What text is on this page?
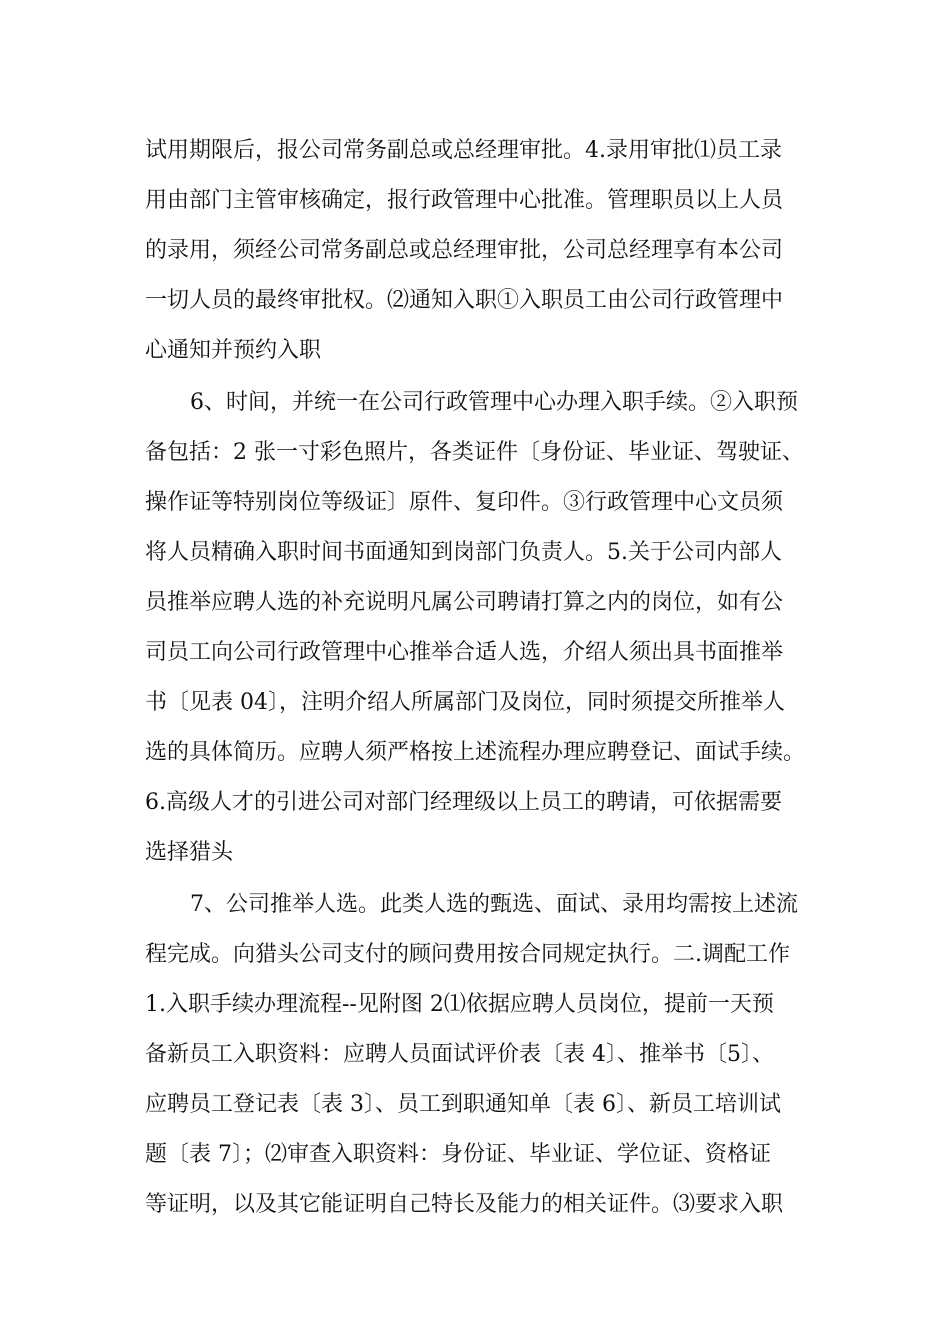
试用期限后，报公司常务副总或总经理审批。4.录用审批⑴员工录
用由部门主管审核确定，报行政管理中心批准。管理职员以上人员
的录用，须经公司常务副总或总经理审批，公司总经理享有本公司
一切人员的最终审批权。⑵通知入职①入职员工由公司行政管理中
心通知并预约入职
6、时间，并统一在公司行政管理中心办理入职手续。②入职预
备包括：2 张一寸彩色照片，各类证件〔身份证、毕业证、驾驶证、
操作证等特别岗位等级证〕原件、复印件。③行政管理中心文员须
将人员精确入职时间书面通知到岗部门负责人。5.关于公司内部人
员推举应聘人选的补充说明凡属公司聘请打算之内的岗位，如有公
司员工向公司行政管理中心推举合适人选，介绍人须出具书面推举
书〔见表 04〕，注明介绍人所属部门及岗位，同时须提交所推举人
选的具体简历。应聘人须严格按上述流程办理应聘登记、面试手续。
6.高级人才的引进公司对部门经理级以上员工的聘请，可依据需要
选择猎头
7、公司推举人选。此类人选的甄选、面试、录用均需按上述流
程完成。向猎头公司支付的顾问费用按合同规定执行。二.调配工作
1.入职手续办理流程--见附图 2⑴依据应聘人员岗位，提前一天预
备新员工入职资料：应聘人员面试评价表〔表 4〕、推举书〔5〕、
应聘员工登记表〔表 3〕、员工到职通知单〔表 6〕、新员工培训试
题〔表 7〕；⑵审查入职资料：身份证、毕业证、学位证、资格证
等证明，以及其它能证明自己特长及能力的相关证件。⑶要求入职
